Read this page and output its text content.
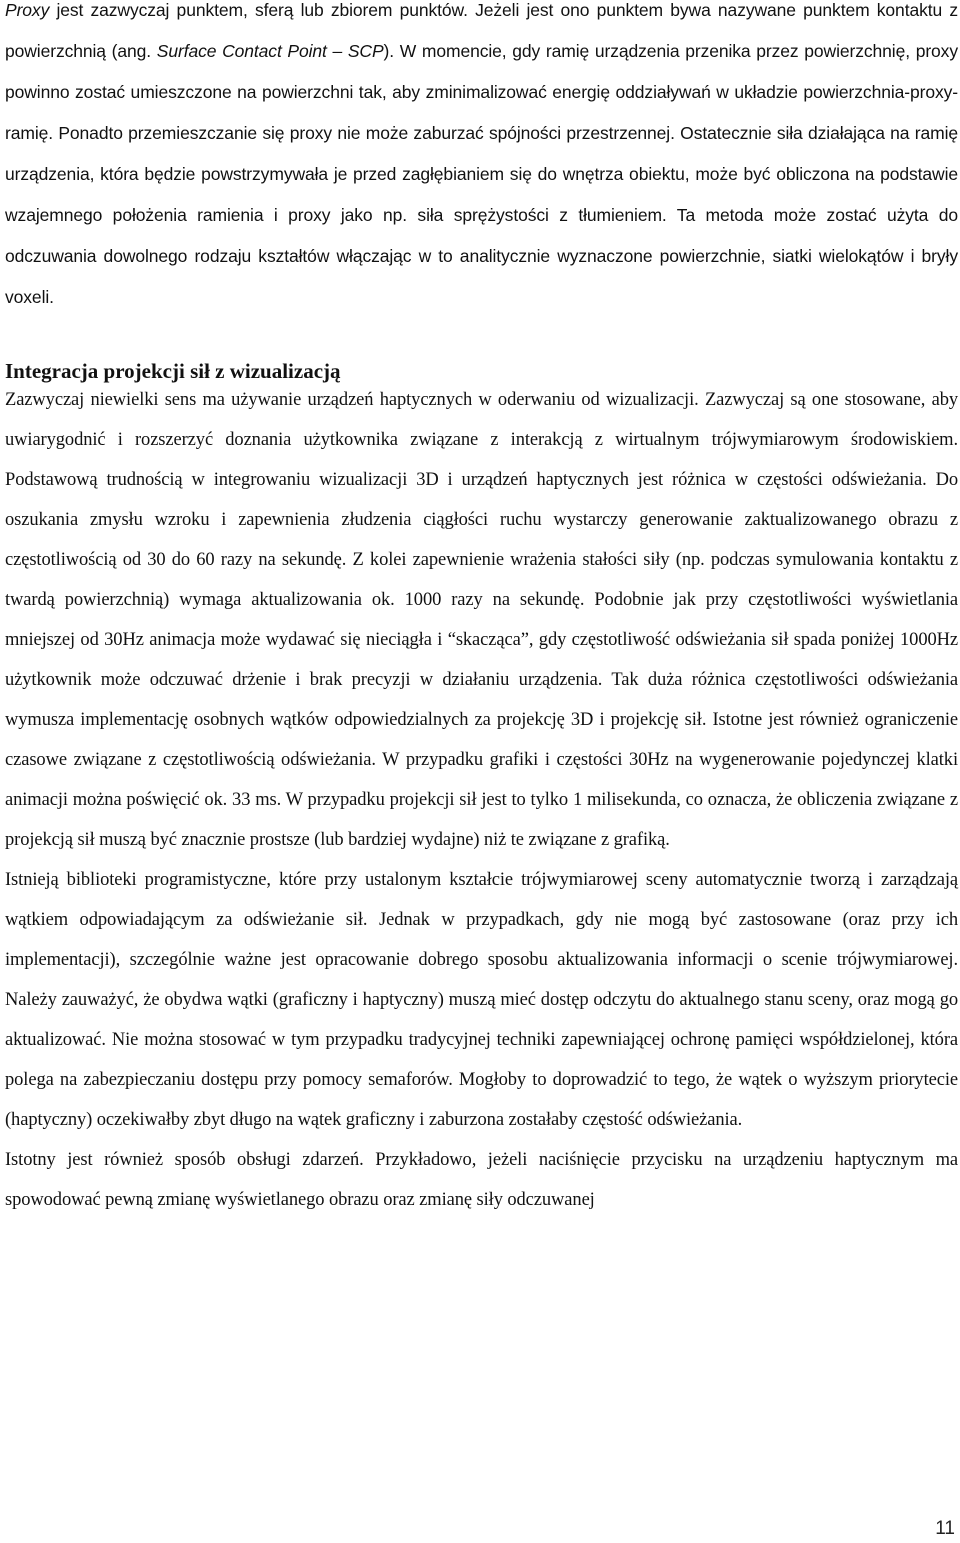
Proxy jest zazwyczaj punktem, sferą lub zbiorem punktów. Jeżeli jest ono punktem bywa nazywane punktem kontaktu z powierzchnią (ang. Surface Contact Point – SCP). W momencie, gdy ramię urządzenia przenika przez powierzchnię, proxy powinno zostać umieszczone na powierzchni tak, aby zminimalizować energię oddziaływań w układzie powierzchnia-proxy-ramię. Ponadto przemieszczanie się proxy nie może zaburzać spójności przestrzennej. Ostatecznie siła działająca na ramię urządzenia, która będzie powstrzymywała je przed zagłębianiem się do wnętrza obiektu, może być obliczona na podstawie wzajemnego położenia ramienia i proxy jako np. siła sprężystości z tłumieniem. Ta metoda może zostać użyta do odczuwania dowolnego rodzaju kształtów włączając w to analitycznie wyznaczone powierzchnie, siatki wielokątów i bryły voxeli.

Integracja projekcji sił z wizualizacją

Zazwyczaj niewielki sens ma używanie urządzeń haptycznych w oderwaniu od wizualizacji. Zazwyczaj są one stosowane, aby uwiarygodnić i rozszerzyć doznania użytkownika związane z interakcją z wirtualnym trójwymiarowym środowiskiem. Podstawową trudnością w integrowaniu wizualizacji 3D i urządzeń haptycznych jest różnica w częstości odświeżania. Do oszukania zmysłu wzroku i zapewnienia złudzenia ciągłości ruchu wystarczy generowanie zaktualizowanego obrazu z częstotliwością od 30 do 60 razy na sekundę. Z kolei zapewnienie wrażenia stałości siły (np. podczas symulowania kontaktu z twardą powierzchnią) wymaga aktualizowania ok. 1000 razy na sekundę. Podobnie jak przy częstotliwości wyświetlania mniejszej od 30Hz animacja może wydawać się nieciągła i “skacząca”, gdy częstotliwość odświeżania sił spada poniżej 1000Hz użytkownik może odczuwać drżenie i brak precyzji w działaniu urządzenia. Tak duża różnica częstotliwości odświeżania wymusza implementację osobnych wątków odpowiedzialnych za projekcję 3D i projekcję sił. Istotne jest również ograniczenie czasowe związane z częstotliwością odświeżania. W przypadku grafiki i częstości 30Hz na wygenerowanie pojedynczej klatki animacji można poświęcić ok. 33 ms. W przypadku projekcji sił jest to tylko 1 milisekunda, co oznacza, że obliczenia związane z projekcją sił muszą być znacznie prostsze (lub bardziej wydajne) niż te związane z grafiką.

Istnieją biblioteki programistyczne, które przy ustalonym kształcie trójwymiarowej sceny automatycznie tworzą i zarządzają wątkiem odpowiadającym za odświeżanie sił. Jednak w przypadkach, gdy nie mogą być zastosowane (oraz przy ich implementacji), szczególnie ważne jest opracowanie dobrego sposobu aktualizowania informacji o scenie trójwymiarowej. Należy zauważyć, że obydwa wątki (graficzny i haptyczny) muszą mieć dostęp odczytu do aktualnego stanu sceny, oraz mogą go aktualizować. Nie można stosować w tym przypadku tradycyjnej techniki zapewniającej ochronę pamięci współdzielonej, która polega na zabezpieczaniu dostępu przy pomocy semaforów. Mogłoby to doprowadzić to tego, że wątek o wyższym priorytecie (haptyczny) oczekiwałby zbyt długo na wątek graficzny i zaburzona zostałaby częstość odświeżania.

Istotny jest również sposób obsługi zdarzeń. Przykładowo, jeżeli naciśnięcie przycisku na urządzeniu haptycznym ma spowodować pewną zmianę wyświetlanego obrazu oraz zmianę siły odczuwanej

11
